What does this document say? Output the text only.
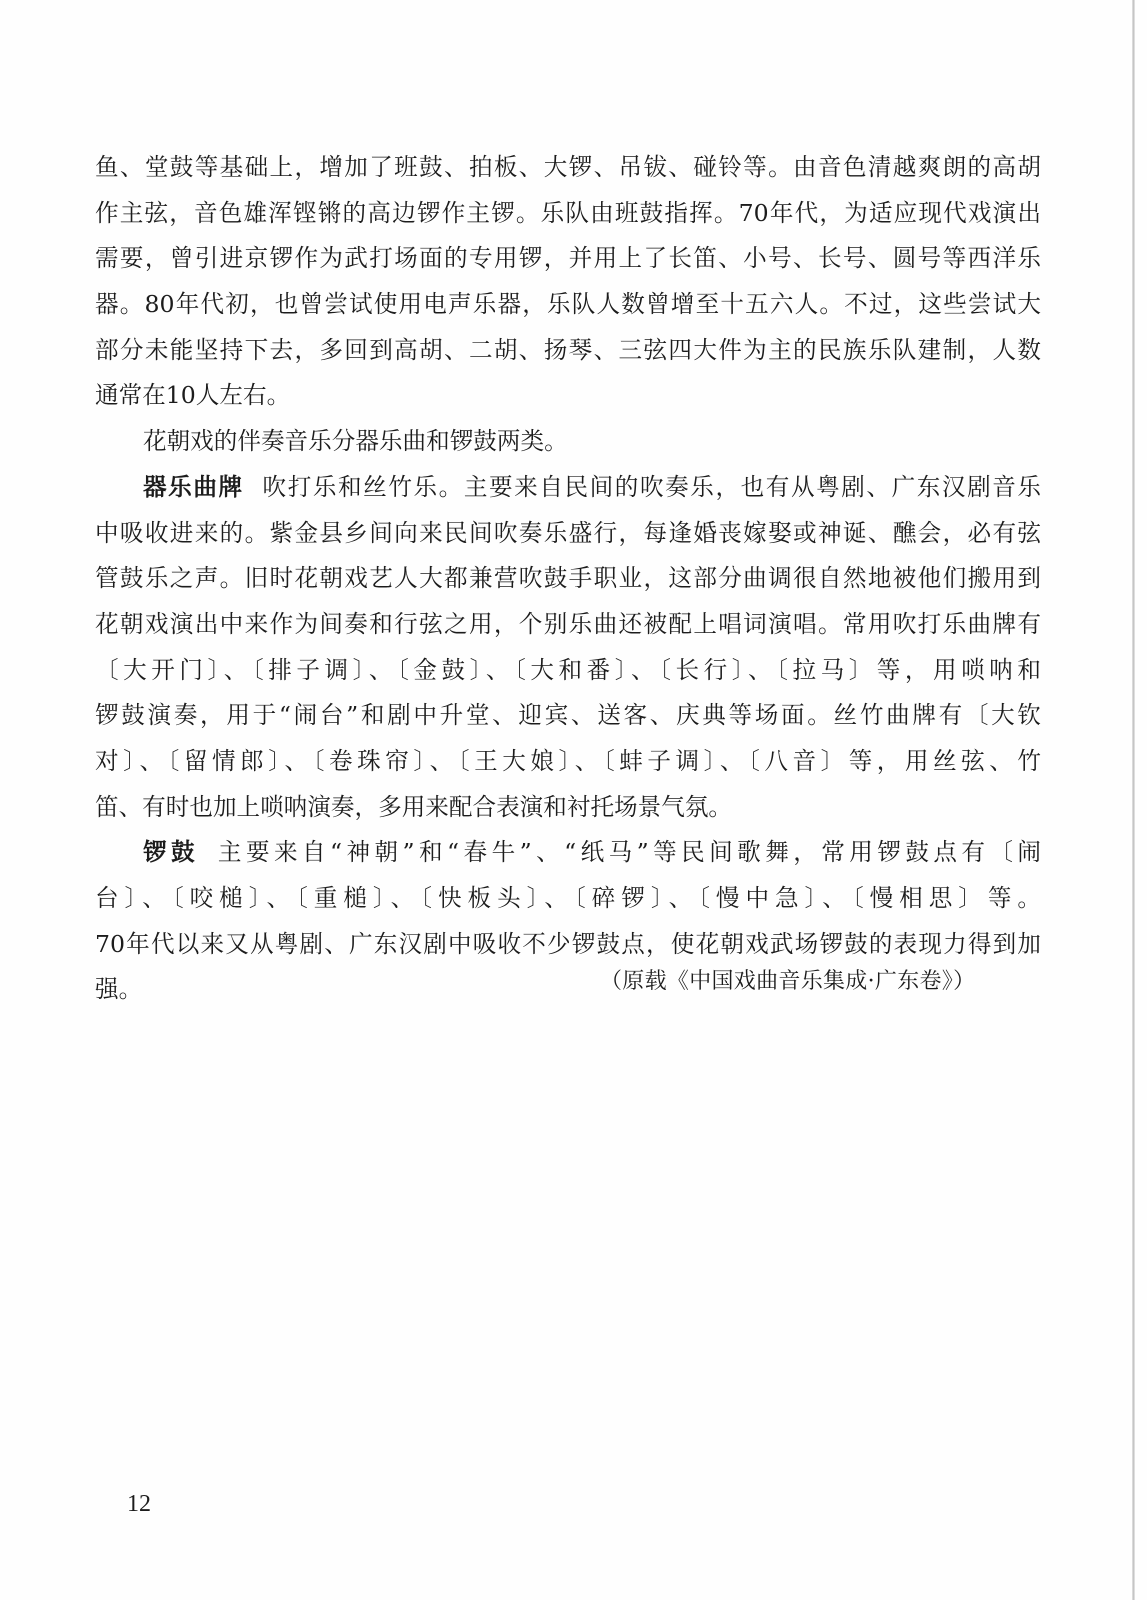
鱼、堂鼓等基础上，增加了班鼓、拍板、大锣、吊钹、碰铃等。由音色清越爽朗的高胡
作主弦，音色雄浑铿锵的高边锣作主锣。乐队由班鼓指挥。70年代，为适应现代戏演出
需要，曾引进京锣作为武打场面的专用锣，并用上了长笛、小号、长号、圆号等西洋乐
器。80年代初，也曾尝试使用电声乐器，乐队人数曾增至十五六人。不过，这些尝试大
部分未能坚持下去，多回到高胡、二胡、扬琴、三弦四大件为主的民族乐队建制，人数
通常在10人左右。
花朝戏的伴奏音乐分器乐曲和锣鼓两类。
器乐曲牌 吹打乐和丝竹乐。主要来自民间的吹奏乐，也有从粤剧、广东汉剧音乐
中吸收进来的。紫金县乡间向来民间吹奏乐盛行，每逢婚丧嫁娶或神诞、醮会，必有弦
管鼓乐之声。旧时花朝戏艺人大都兼营吹鼓手职业，这部分曲调很自然地被他们搬用到
花朝戏演出中来作为间奏和行弦之用，个别乐曲还被配上唱词演唱。常用吹打乐曲牌有
〔大开门〕、〔排子调〕、〔金鼓〕、〔大和番〕、〔长行〕、〔拉马〕等，用唢呐和
锣鼓演奏，用于“闹台”和剧中升堂、迎宾、送客、庆典等场面。丝竹曲牌有〔大钦
对〕、〔留情郎〕、〔卷珠帘〕、〔王大娘〕、〔蚌子调〕、〔八音〕等，用丝弦、竹
笛、有时也加上唢呐演奏，多用来配合表演和衬托场景气氛。
锣鼓 主要来自“神朝”和“春牛”、“纸马”等民间歌舞，常用锣鼓点有〔闹
台〕、〔咬槌〕、〔重槌〕、〔快板头〕、〔碎锣〕、〔慢中急〕、〔慢相思〕等。
70年代以来又从粤剧、广东汉剧中吸收不少锣鼓点，使花朝戏武场锣鼓的表现力得到加
强。	（原载《中国戏曲音乐集成·广东卷》）
12
